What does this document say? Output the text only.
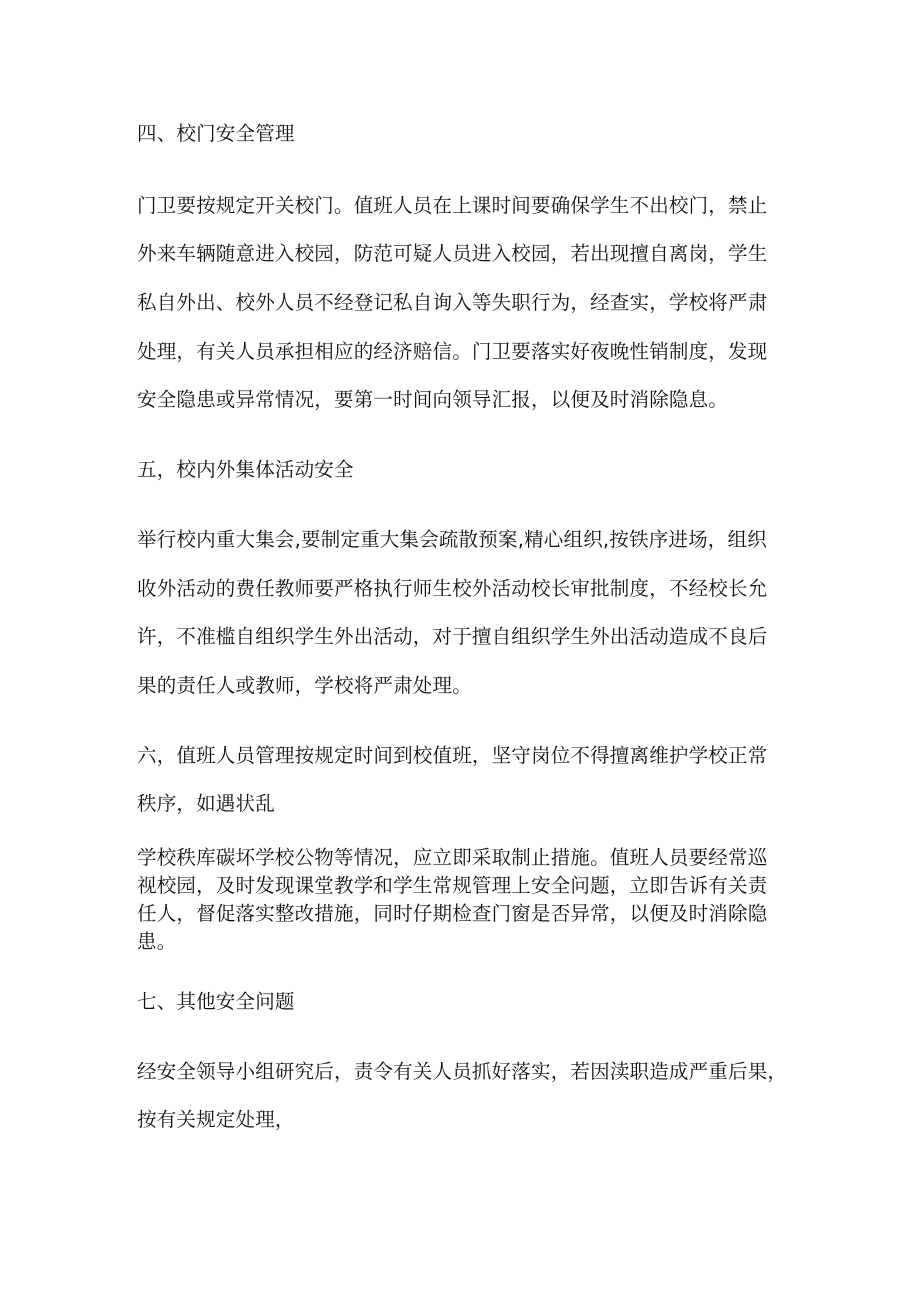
四、校门安全管理

门卫要按规定开关校门。值班人员在上课时间要确保学生不出校门，禁止

外来车辆随意进入校园，防范可疑人员进入校园，若出现擅自离岗，学生

私自外出、校外人员不经登记私自询入等失职行为，经查实，学校将严肃

处理，有关人员承担相应的经济赔信。门卫要落实好夜晚性销制度，发现

安全隐患或异常情况，要第一时间向领导汇报，以便及时消除隐息。

五，校内外集体活动安全

举行校内重大集会,要制定重大集会疏散预案,精心组织,按铁序进场，组织

收外活动的费任教师要严格执行师生校外活动校长审批制度，不经校长允

许，不准槛自组织学生外出活动，对于擅自组织学生外出活动造成不良后

果的责任人或教师，学校将严肃处理。

六，值班人员管理按规定时间到校值班，坚守岗位不得擅离维护学校正常

秩序，如遇状乱

学校秩库碳坏学校公物等情况，应立即采取制止措施。值班人员要经常巡

视校园，及时发现课堂教学和学生常规管理上安全问题，立即告诉有关责

任人，督促落实整改措施，同时仔期检查门窗是否异常，以便及时消除隐

患。

七、其他安全问题

经安全领导小组研究后，责令有关人员抓好落实，若因渎职造成严重后果，

按有关规定处理，
